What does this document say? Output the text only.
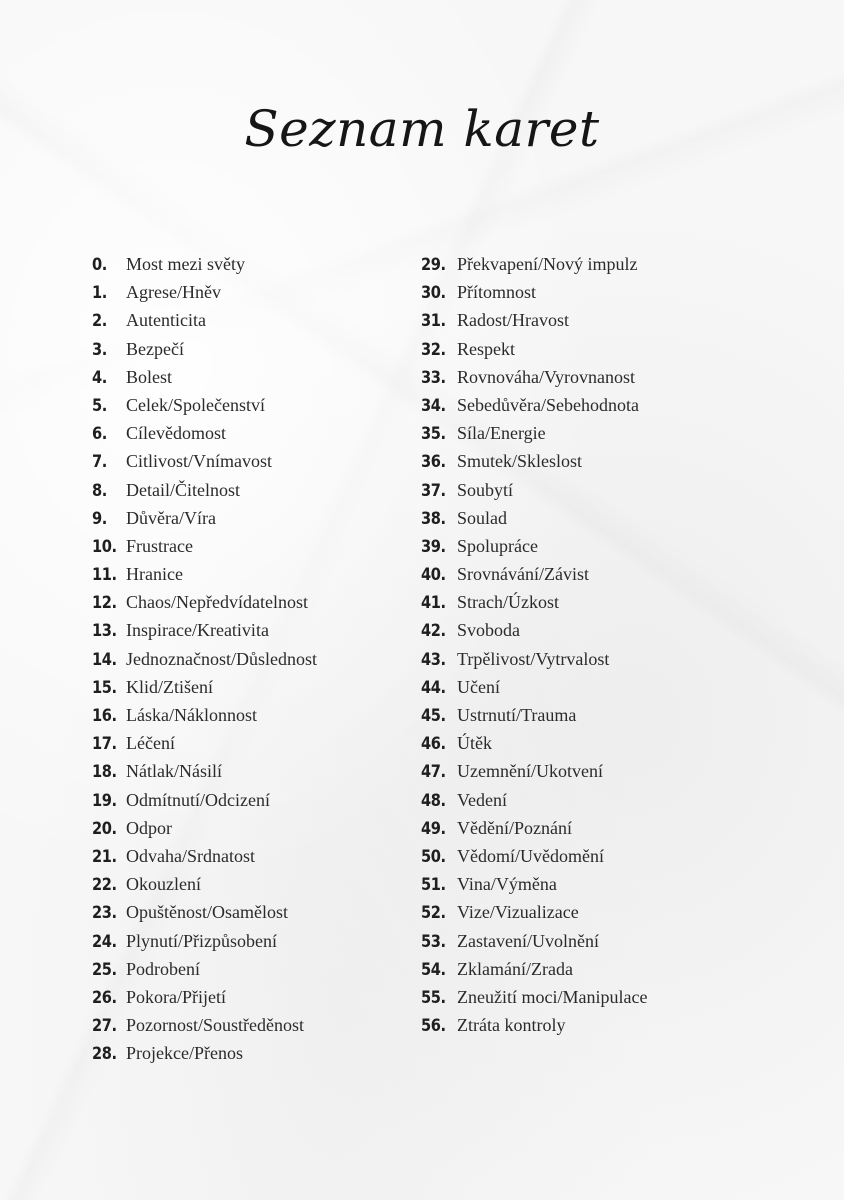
Seznam karet
0.	Most mezi světy
1.	Agrese/Hněv
2.	Autenticita
3.	Bezpečí
4.	Bolest
5.	Celek/Společenství
6.	Cílevědomost
7.	Citlivost/Vnímavost
8.	Detail/Čitelnost
9.	Důvěra/Víra
10. Frustrace
11. Hranice
12. Chaos/Nepředvídatelnost
13. Inspirace/Kreativita
14. Jednoznačnost/Důslednost
15. Klid/Ztišení
16. Láska/Náklonnost
17. Léčení
18. Nátlak/Násilí
19. Odmítnutí/Odcizení
20. Odpor
21. Odvaha/Srdnatost
22. Okouzlení
23. Opuštěnost/Osamělost
24. Plynutí/Přizpůsobení
25. Podrobení
26. Pokora/Přijetí
27. Pozornost/Soustředěnost
28. Projekce/Přenos
29. Překvapení/Nový impulz
30. Přítomnost
31. Radost/Hravost
32. Respekt
33. Rovnováha/Vyrovnanost
34. Sebedůvěra/Sebehodnota
35. Síla/Energie
36. Smutek/Skleslost
37. Soubytí
38. Soulad
39. Spolupráce
40. Srovnávání/Závist
41. Strach/Úzkost
42. Svoboda
43. Trpělivost/Vytrvalost
44. Učení
45. Ustrnutí/Trauma
46. Útěk
47. Uzemnění/Ukotvení
48. Vedení
49. Vědění/Poznání
50. Vědomí/Uvědomění
51. Vina/Výměna
52. Vize/Vizualizace
53. Zastavení/Uvolnění
54. Zklamání/Zrada
55. Zneužití moci/Manipulace
56. Ztráta kontroly
